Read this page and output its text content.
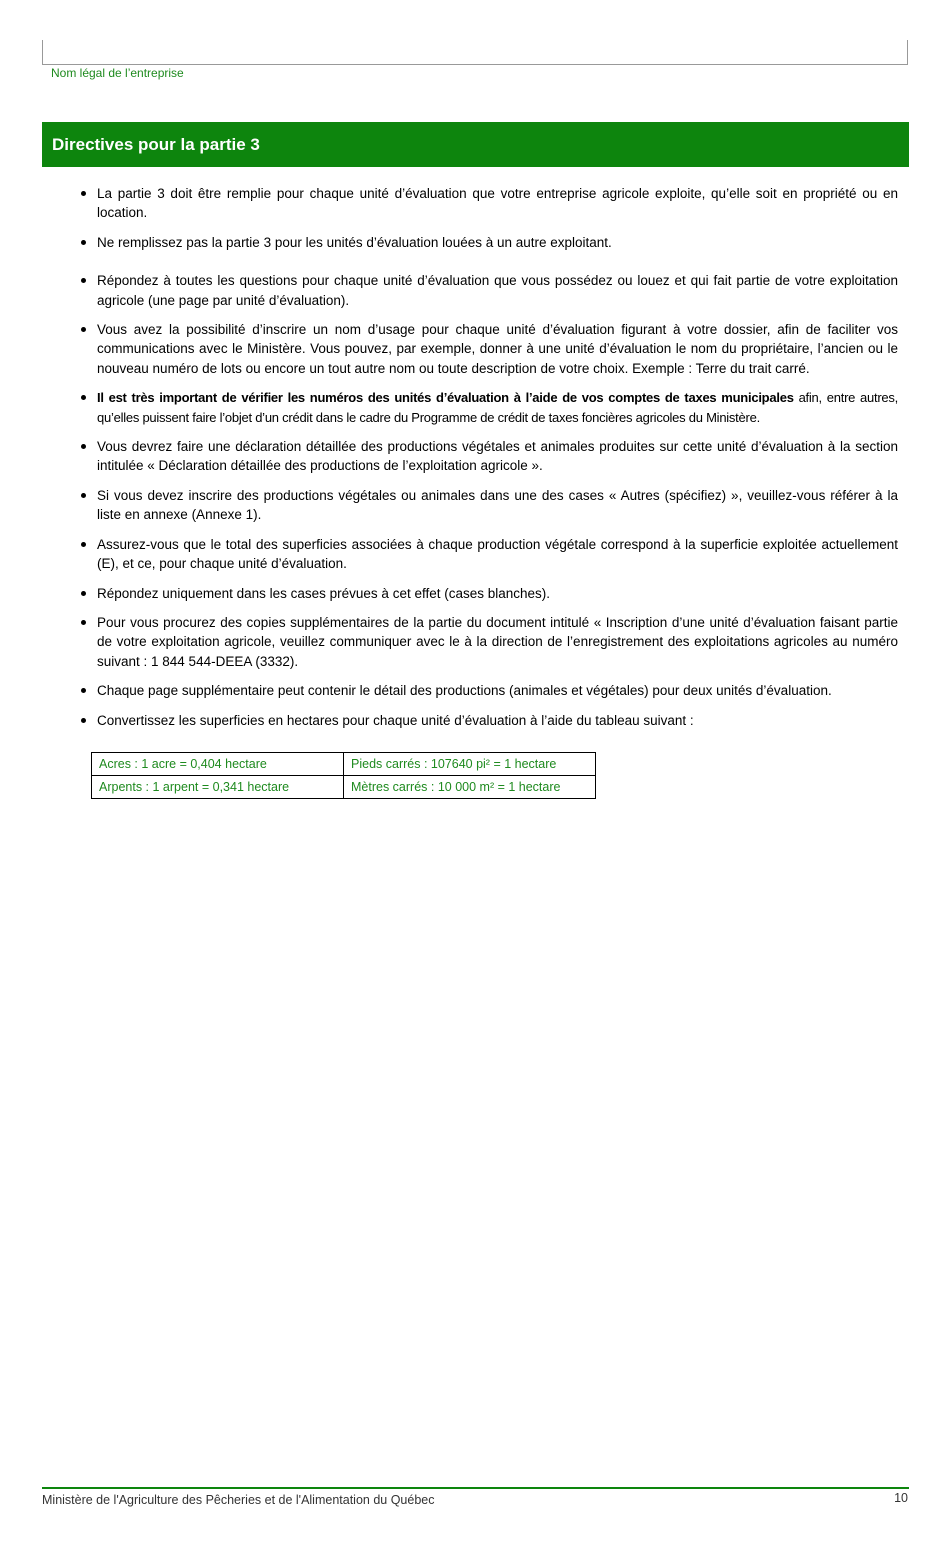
Nom légal de l’entreprise
Directives pour la partie 3
La partie 3 doit être remplie pour chaque unité d’évaluation que votre entreprise agricole exploite, qu’elle soit en propriété ou en location.
Ne remplissez pas la partie 3 pour les unités d’évaluation louées à un autre exploitant.
Répondez à toutes les questions pour chaque unité d’évaluation que vous possédez ou louez et qui fait partie de votre exploitation agricole (une page par unité d’évaluation).
Vous avez la possibilité d’inscrire un nom d’usage pour chaque unité d’évaluation figurant à votre dossier, afin de faciliter vos communications avec le Ministère. Vous pouvez, par exemple, donner à une unité d’évaluation le nom du propriétaire, l’ancien ou le nouveau numéro de lots ou encore un tout autre nom ou toute description de votre choix. Exemple : Terre du trait carré.
Il est très important de vérifier les numéros des unités d’évaluation à l’aide de vos comptes de taxes municipales afin, entre autres, qu’elles puissent faire l’objet d’un crédit dans le cadre du Programme de crédit de taxes foncières agricoles du Ministère.
Vous devrez faire une déclaration détaillée des productions végétales et animales produites sur cette unité d’évaluation à la section intitulée « Déclaration détaillée des productions de l’exploitation agricole ».
Si vous devez inscrire des productions végétales ou animales dans une des cases « Autres (spécifiez) », veuillez-vous référer à la liste en annexe (Annexe 1).
Assurez-vous que le total des superficies associées à chaque production végétale correspond à la superficie exploitée actuellement (E), et ce, pour chaque unité d’évaluation.
Répondez uniquement dans les cases prévues à cet effet (cases blanches).
Pour vous procurez des copies supplémentaires de la partie du document intitulé « Inscription d’une unité d’évaluation faisant partie de votre exploitation agricole, veuillez communiquer avec le à la direction de l’enregistrement des exploitations agricoles au numéro suivant : 1 844 544-DEEA (3332).
Chaque page supplémentaire peut contenir le détail des productions (animales et végétales) pour deux unités d’évaluation.
Convertissez les superficies en hectares pour chaque unité d’évaluation à l’aide du tableau suivant :
Acres : 1 acre = 0,404 hectare	Pieds carrés : 107640 pi² = 1 hectare
Arpents : 1 arpent = 0,341 hectare	Mètres carrés : 10 000 m² = 1 hectare
Ministère de l'Agriculture des Pêcheries et de l'Alimentation du Québec	10
